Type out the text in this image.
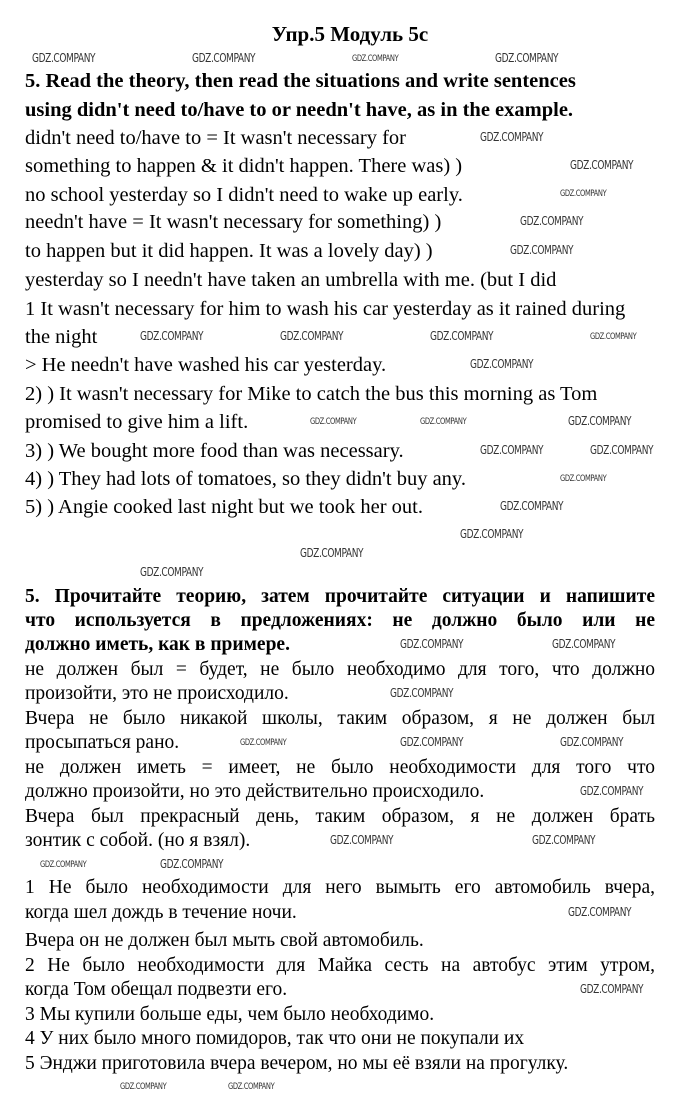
Упр.5 Модуль 5с
5. Read the theory, then read the situations and write sentences
using didn't need to/have to or needn't have, as in the example.
didn't need to/have to = It wasn't necessary for
something to happen & it didn't happen. There was) )
no school yesterday so I didn't need to wake up early.
needn't have = It wasn't necessary for something) )
to happen but it did happen. It was a lovely day) )
yesterday so I needn't have taken an umbrella with me. (but I did
1 It wasn't necessary for him to wash his car yesterday as it rained during
the night
> He needn't have washed his car yesterday.
2) ) It wasn't necessary for Mike to catch the bus this morning as Tom
promised to give him a lift.
3) ) We bought more food than was necessary.
4) ) They had lots of tomatoes, so they didn't buy any.
5) ) Angie cooked last night but we took her out.
5. Прочитайте теорию, затем прочитайте ситуации и напишите
что используется в предложениях: не должно было или не
должно иметь, как в примере.
не должен был = будет, не было необходимо для того, что должно
произойти, это не происходило.
Вчера не было никакой школы, таким образом, я не должен был
просыпаться рано.
не должен иметь = имеет, не было необходимости для того что
должно произойти, но это действительно происходило.
Вчера был прекрасный день, таким образом, я не должен брать
зонтик с собой. (но я взял).
1 Не было необходимости для него вымыть его автомобиль вчера,
когда шел дождь в течение ночи.
Вчера он не должен был мыть свой автомобиль.
2 Не было необходимости для Майка сесть на автобус этим утром,
когда Том обещал подвезти его.
3 Мы купили больше еды, чем было необходимо.
4 У них было много помидоров, так что они не покупали их
5 Энджи приготовила вчера вечером, но мы её взяли на прогулку.
GDZ.COMPANY	GDZ.COMPANY	GDZ.COMPANY	GDZ.COMPANY
GDZ.COMPANY
GDZ.COMPANY
GDZ.COMPANY
GDZ.COMPANY
GDZ.COMPANY
GDZ.COMPANY	GDZ.COMPANY	GDZ.COMPANY	GDZ.COMPANY
GDZ.COMPANY
GDZ.COMPANY	GDZ.COMPANY	GDZ.COMPANY
GDZ.COMPANY	GDZ.COMPANY
GDZ.COMPANY
GDZ.COMPANY
GDZ.COMPANY
GDZ.COMPANY
GDZ.COMPANY
GDZ.COMPANY	GDZ.COMPANY
GDZ.COMPANY
GDZ.COMPANY	GDZ.COMPANY	GDZ.COMPANY
GDZ.COMPANY
GDZ.COMPANY	GDZ.COMPANY
GDZ.COMPANY	GDZ.COMPANY
GDZ.COMPANY
GDZ.COMPANY
GDZ.COMPANY	GDZ.COMPANY
